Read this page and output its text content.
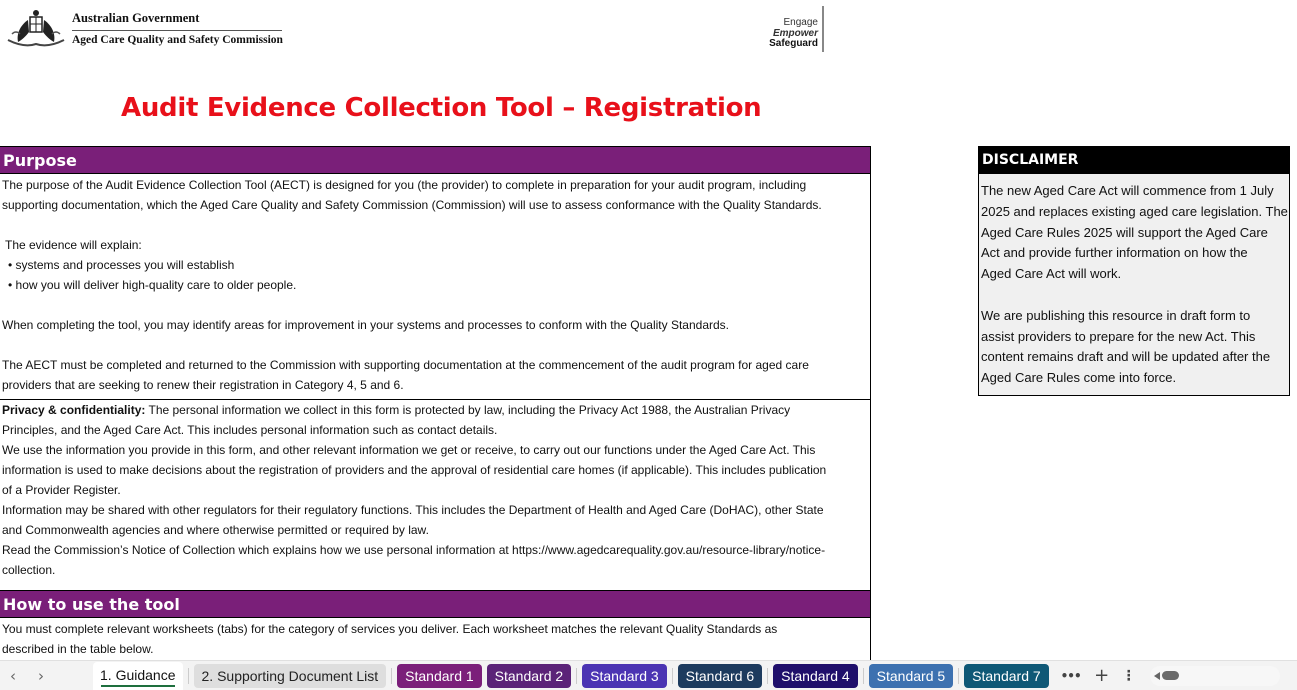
Australian Government
Aged Care Quality and Safety Commission
Engage
Empower
Safeguard
Audit Evidence Collection Tool – Registration
Purpose
The purpose of the Audit Evidence Collection Tool (AECT) is designed for you (the provider) to complete in preparation for your audit program, including
supporting documentation, which the Aged Care Quality and Safety Commission (Commission) will use to assess conformance with the Quality Standards.
The evidence will explain:
• systems and processes you will establish
• how you will deliver high-quality care to older people.
When completing the tool, you may identify areas for improvement in your systems and processes to conform with the Quality Standards.
The AECT must be completed and returned to the Commission with supporting documentation at the commencement of the audit program for aged care
providers that are seeking to renew their registration in Category 4, 5 and 6.
Privacy & confidentiality: The personal information we collect in this form is protected by law, including the Privacy Act 1988, the Australian Privacy
Principles, and the Aged Care Act. This includes personal information such as contact details.
We use the information you provide in this form, and other relevant information we get or receive, to carry out our functions under the Aged Care Act. This
information is used to make decisions about the registration of providers and the approval of residential care homes (if applicable). This includes publication
of a Provider Register.
Information may be shared with other regulators for their regulatory functions. This includes the Department of Health and Aged Care (DoHAC), other State
and Commonwealth agencies and where otherwise permitted or required by law.
Read the Commission’s Notice of Collection which explains how we use personal information at https://www.agedcarequality.gov.au/resource-library/notice-
collection.
How to use the tool
You must complete relevant worksheets (tabs) for the category of services you deliver. Each worksheet matches the relevant Quality Standards as
described in the table below.
DISCLAIMER
The new Aged Care Act will commence from 1 July
2025 and replaces existing aged care legislation. The
Aged Care Rules 2025 will support the Aged Care
Act and provide further information on how the
Aged Care Act will work.
We are publishing this resource in draft form to
assist providers to prepare for the new Act. This
content remains draft and will be updated after the
Aged Care Rules come into force.
‹	›	1. Guidance	2. Supporting Document List	Standard 1	Standard 2	Standard 3	Standard 6	Standard 4	Standard 5	Standard 7	••• + ⋮
